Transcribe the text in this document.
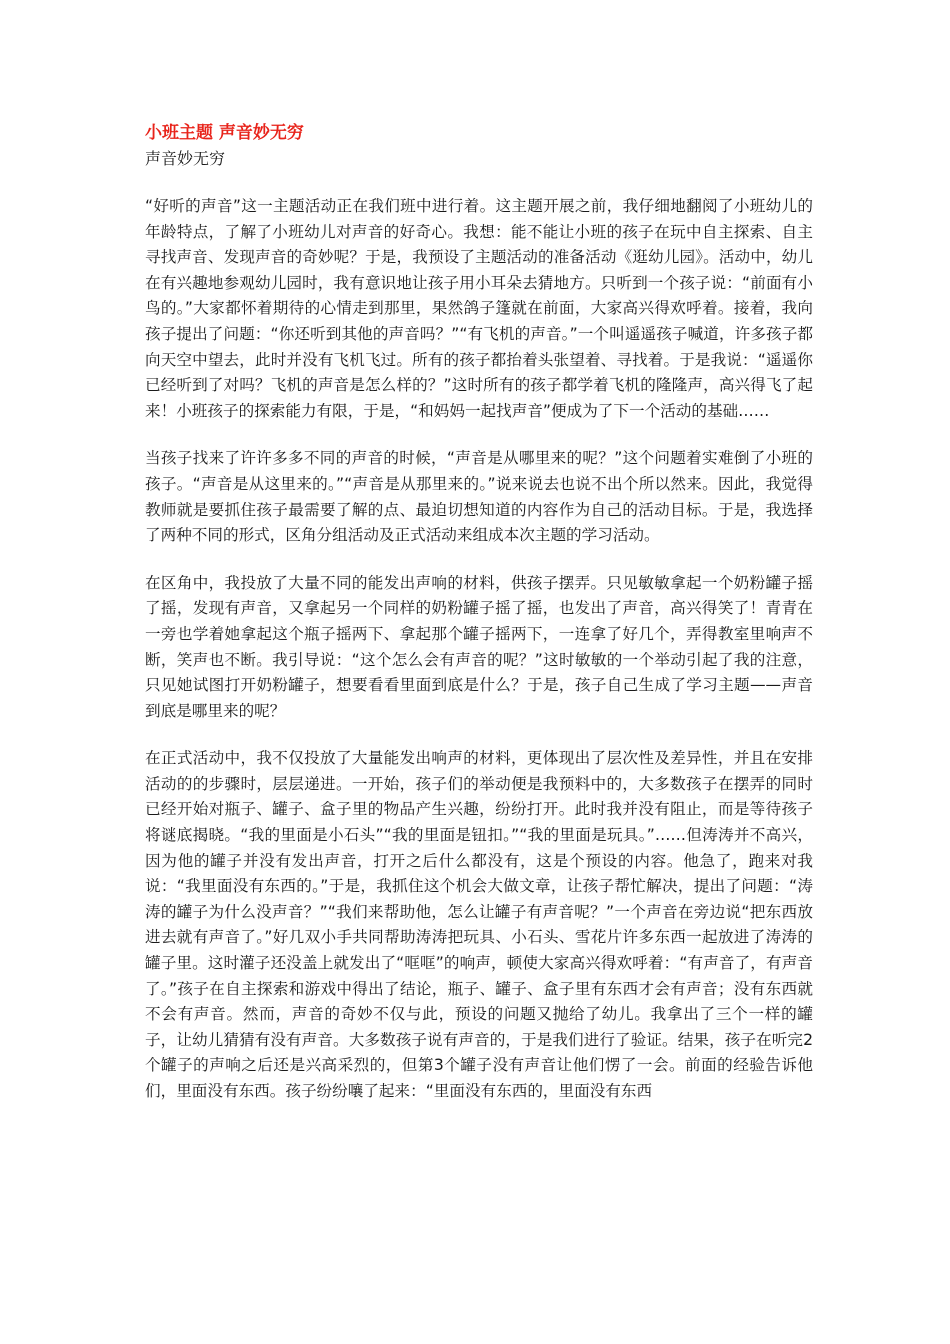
小班主题 声音妙无穷

声音妙无穷

“好听的声音”这一主题活动正在我们班中进行着。这主题开展之前，我仔细地翻阅了小班幼儿的年龄特点，了解了小班幼儿对声音的好奇心。我想：能不能让小班的孩子在玩中自主探索、自主寻找声音、发现声音的奇妙呢？于是，我预设了主题活动的准备活动《逛幼儿园》。活动中，幼儿在有兴趣地参观幼儿园时，我有意识地让孩子用小耳朵去猜地方。只听到一个孩子说：“前面有小鸟的。”大家都怀着期待的心情走到那里，果然鸽子篷就在前面，大家高兴得欢呼着。接着，我向孩子提出了问题：“你还听到其他的声音吗？”“有飞机的声音。”一个叫遥遥孩子喊道，许多孩子都向天空中望去，此时并没有飞机飞过。所有的孩子都抬着头张望着、寻找着。于是我说：“遥遥你已经听到了对吗？飞机的声音是怎么样的？”这时所有的孩子都学着飞机的隆隆声，高兴得飞了起来！小班孩子的探索能力有限，于是，“和妈妈一起找声音”便成为了下一个活动的基础……

当孩子找来了许许多多不同的声音的时候，“声音是从哪里来的呢？”这个问题着实难倒了小班的孩子。“声音是从这里来的。”“声音是从那里来的。”说来说去也说不出个所以然来。因此，我觉得教师就是要抓住孩子最需要了解的点、最迫切想知道的内容作为自己的活动目标。于是，我选择了两种不同的形式，区角分组活动及正式活动来组成本次主题的学习活动。

在区角中，我投放了大量不同的能发出声响的材料，供孩子摆弄。只见敏敏拿起一个奶粉罐子摇了摇，发现有声音，又拿起另一个同样的奶粉罐子摇了摇，也发出了声音，高兴得笑了！青青在一旁也学着她拿起这个瓶子摇两下、拿起那个罐子摇两下，一连拿了好几个，弄得教室里响声不断，笑声也不断。我引导说：“这个怎么会有声音的呢？”这时敏敏的一个举动引起了我的注意，只见她试图打开奶粉罐子，想要看看里面到底是什么？于是，孩子自己生成了学习主题——声音到底是哪里来的呢？

在正式活动中，我不仅投放了大量能发出响声的材料，更体现出了层次性及差异性，并且在安排活动的的步骤时，层层递进。一开始，孩子们的举动便是我预料中的，大多数孩子在摆弄的同时已经开始对瓶子、罐子、盒子里的物品产生兴趣，纷纷打开。此时我并没有阻止，而是等待孩子将谜底揭晓。“我的里面是小石头”“我的里面是钮扣。”“我的里面是玩具。”……但涛涛并不高兴，因为他的罐子并没有发出声音，打开之后什么都没有，这是个预设的内容。他急了，跑来对我说：“我里面没有东西的。”于是，我抓住这个机会大做文章，让孩子帮忙解决，提出了问题：“涛涛的罐子为什么没声音？”“我们来帮助他，怎么让罐子有声音呢？”一个声音在旁边说“把东西放进去就有声音了。”好几双小手共同帮助涛涛把玩具、小石头、雪花片许多东西一起放进了涛涛的罐子里。这时灌子还没盖上就发出了“哐哐”的响声，顿使大家高兴得欢呼着：“有声音了，有声音了。”孩子在自主探索和游戏中得出了结论，瓶子、罐子、盒子里有东西才会有声音；没有东西就不会有声音。然而，声音的奇妙不仅与此，预设的问题又抛给了幼儿。我拿出了三个一样的罐子，让幼儿猜猜有没有声音。大多数孩子说有声音的，于是我们进行了验证。结果，孩子在听完2个罐子的声响之后还是兴高采烈的，但第3个罐子没有声音让他们愣了一会。前面的经验告诉他们，里面没有东西。孩子纷纷嚷了起来：“里面没有东西的，里面没有东西
